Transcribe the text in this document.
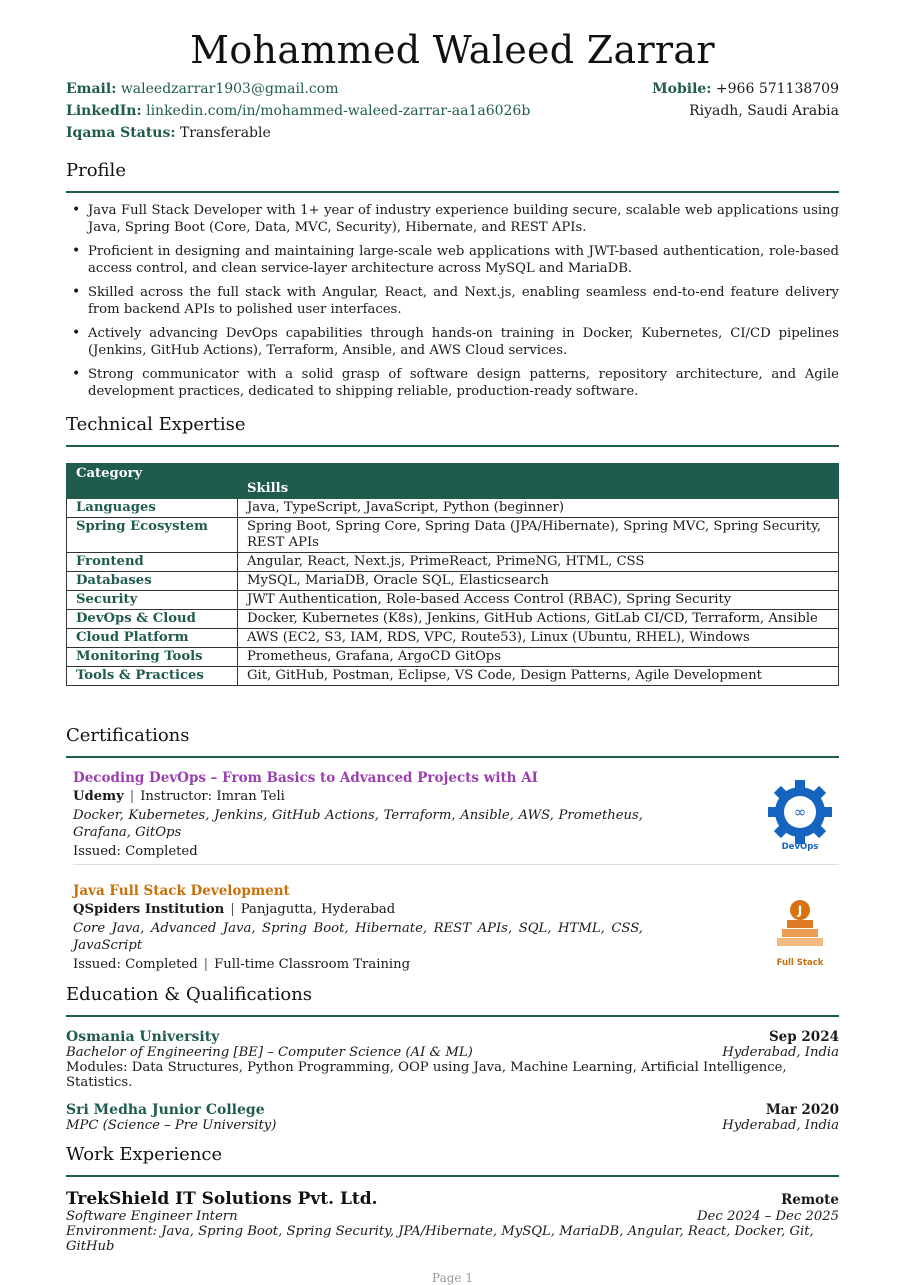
Mohammed Waleed Zarrar
Email: waleedzarrar1903@gmail.com
LinkedIn: linkedin.com/in/mohammed-waleed-zarrar-aa1a6026b
Iqama Status: Transferable
Mobile: +966 571138709
Riyadh, Saudi Arabia
Profile
• Java Full Stack Developer with 1+ year of industry experience building secure, scalable web applications using Java, Spring Boot (Core, Data, MVC, Security), Hibernate, and REST APIs.
• Proficient in designing and maintaining large-scale web applications with JWT-based authentication, role-based access control, and clean service-layer architecture across MySQL and MariaDB.
• Skilled across the full stack with Angular, React, and Next.js, enabling seamless end-to-end feature delivery from backend APIs to polished user interfaces.
• Actively advancing DevOps capabilities through hands-on training in Docker, Kubernetes, CI/CD pipelines (Jenkins, GitHub Actions), Terraform, Ansible, and AWS Cloud services.
• Strong communicator with a solid grasp of software design patterns, repository architecture, and Agile development practices, dedicated to shipping reliable, production-ready software.
Technical Expertise
Category	Skills
Languages	Java, TypeScript, JavaScript, Python (beginner)
Spring Ecosystem	Spring Boot, Spring Core, Spring Data (JPA/Hibernate), Spring MVC, Spring Security, REST APIs
Frontend	Angular, React, Next.js, PrimeReact, PrimeNG, HTML, CSS
Databases	MySQL, MariaDB, Oracle SQL, Elasticsearch
Security	JWT Authentication, Role-based Access Control (RBAC), Spring Security
DevOps & Cloud	Docker, Kubernetes (K8s), Jenkins, GitHub Actions, GitLab CI/CD, Terraform, Ansible
Cloud Platform	AWS (EC2, S3, IAM, RDS, VPC, Route53), Linux (Ubuntu, RHEL), Windows
Monitoring Tools	Prometheus, Grafana, ArgoCD GitOps
Tools & Practices	Git, GitHub, Postman, Eclipse, VS Code, Design Patterns, Agile Development
Certifications
Decoding DevOps – From Basics to Advanced Projects with AI
Udemy | Instructor: Imran Teli
Docker, Kubernetes, Jenkins, GitHub Actions, Terraform, Ansible, AWS, Prometheus, Grafana, GitOps
Issued: Completed
∞
DevOps
Java Full Stack Development
QSpiders Institution | Panjagutta, Hyderabad
Core Java, Advanced Java, Spring Boot, Hibernate, REST APIs, SQL, HTML, CSS, JavaScript
Issued: Completed | Full-time Classroom Training
J
Full Stack
Education & Qualifications
Osmania University	Sep 2024
Bachelor of Engineering [BE] – Computer Science (AI & ML)	Hyderabad, India
Modules: Data Structures, Python Programming, OOP using Java, Machine Learning, Artificial Intelligence, Statistics.
Sri Medha Junior College	Mar 2020
MPC (Science – Pre University)	Hyderabad, India
Work Experience
TrekShield IT Solutions Pvt. Ltd.	Remote
Software Engineer Intern	Dec 2024 – Dec 2025
Environment: Java, Spring Boot, Spring Security, JPA/Hibernate, MySQL, MariaDB, Angular, React, Docker, Git, GitHub
Page 1
